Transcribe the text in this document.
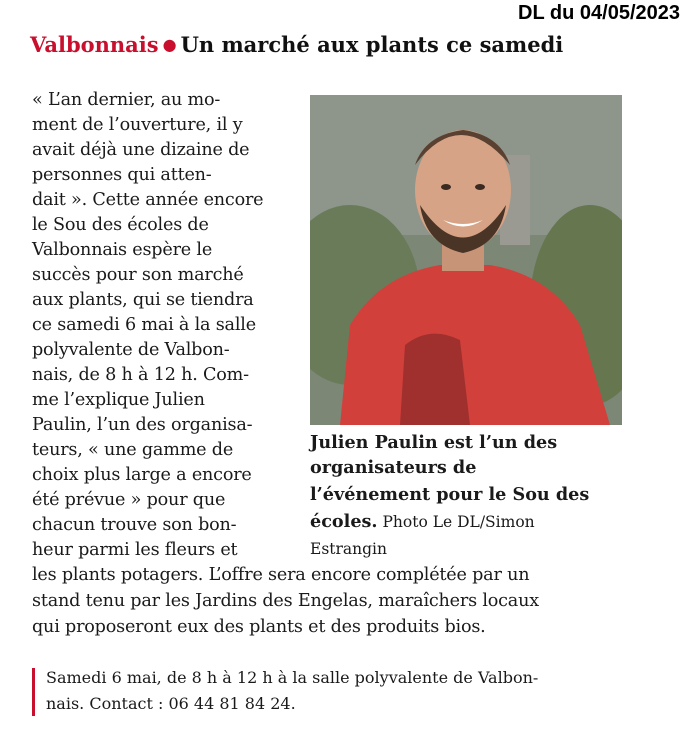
DL du 04/05/2023
Valbonnais ● Un marché aux plants ce samedi
« L’an dernier, au mo-
ment de l’ouverture, il y
avait déjà une dizaine de
personnes qui atten-
dait ». Cette année encore
le Sou des écoles de
Valbonnais espère le
succès pour son marché
aux plants, qui se tiendra
ce samedi 6 mai à la salle
polyvalente de Valbon-
nais, de 8 h à 12 h. Com-
me l’explique Julien
Paulin, l’un des organisa-
teurs, « une gamme de
choix plus large a encore
été prévue » pour que
chacun trouve son bon-
heur parmi les fleurs et
les plants potagers. L’offre sera encore complétée par un
stand tenu par les Jardins des Engelas, maraîchers locaux
qui proposeront eux des plants et des produits bios.
Julien Paulin est l’un des
organisateurs de
l’événement pour le Sou des
écoles. Photo Le DL/Simon
Estrangin
Samedi 6 mai, de 8 h à 12 h à la salle polyvalente de Valbon-
nais. Contact : 06 44 81 84 24.
